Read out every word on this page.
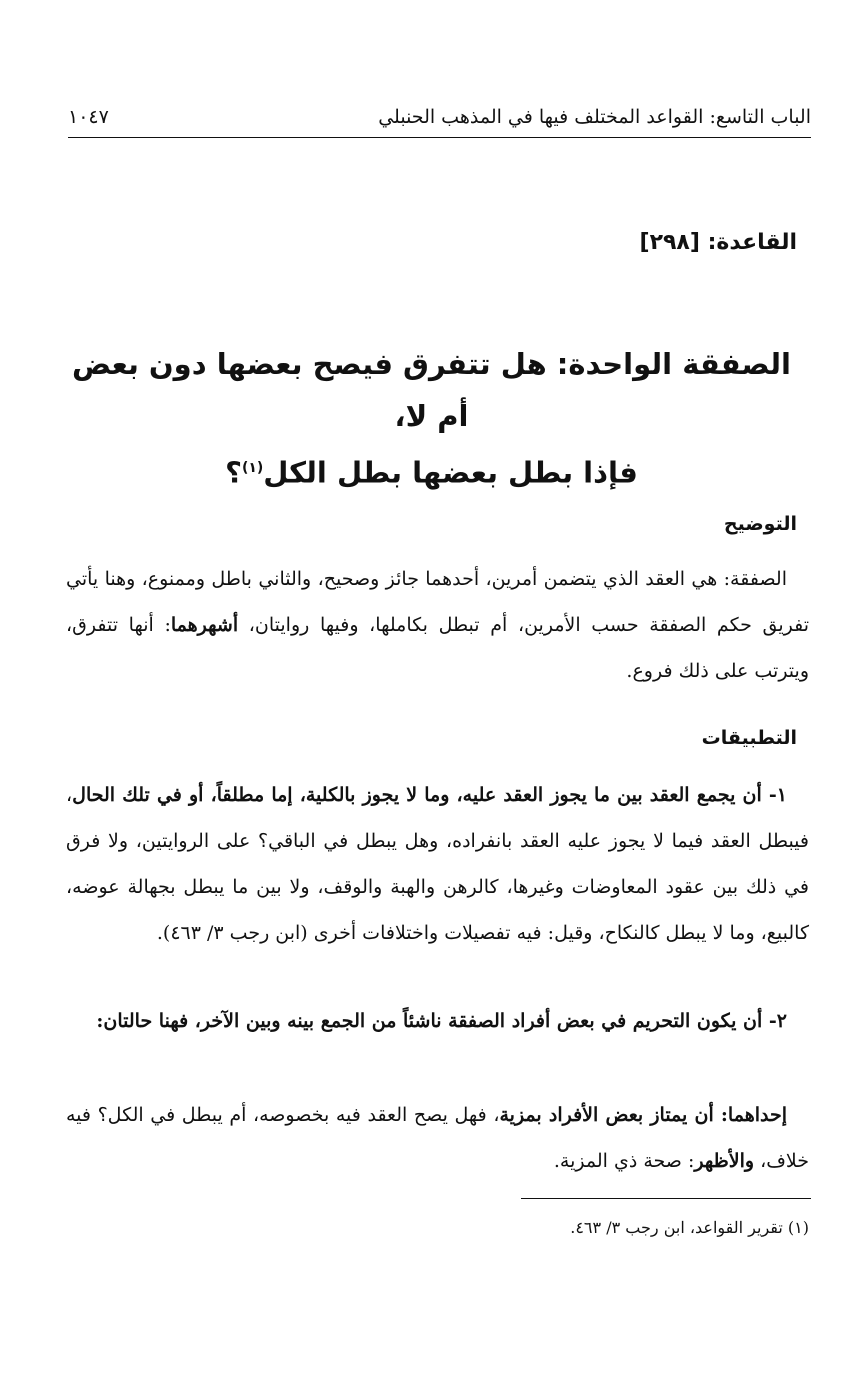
الباب التاسع: القواعد المختلف فيها في المذهب الحنبلي
١٠٤٧
القاعدة: [٢٩٨]
الصفقة الواحدة: هل تتفرق فيصح بعضها دون بعض أم لا،
فإذا بطل بعضها بطل الكل$^{(١)}$؟
التوضيح
الصفقة: هي العقد الذي يتضمن أمرين، أحدهما جائز وصحيح، والثاني باطل وممنوع، وهنا يأتي تفريق حكم الصفقة حسب الأمرين، أم تبطل بكاملها، وفيها روايتان، أشهرهما: أنها تتفرق، ويترتب على ذلك فروع.
التطبيقات
١- أن يجمع العقد بين ما يجوز العقد عليه، وما لا يجوز بالكلية، إما مطلقاً، أو في تلك الحال، فيبطل العقد فيما لا يجوز عليه العقد بانفراده، وهل يبطل في الباقي؟ على الروايتين، ولا فرق في ذلك بين عقود المعاوضات وغيرها، كالرهن والهبة والوقف، ولا بين ما يبطل بجهالة عوضه، كالبيع، وما لا يبطل كالنكاح، وقيل: فيه تفصيلات واختلافات أخرى (ابن رجب ٣/ ٤٦٣).
٢- أن يكون التحريم في بعض أفراد الصفقة ناشئاً من الجمع بينه وبين الآخر، فهنا حالتان:
إحداهما: أن يمتاز بعض الأفراد بمزية، فهل يصح العقد فيه بخصوصه، أم يبطل في الكل؟ فيه خلاف، والأظهر: صحة ذي المزية.
(١) تقرير القواعد، ابن رجب ٣/ ٤٦٣.
